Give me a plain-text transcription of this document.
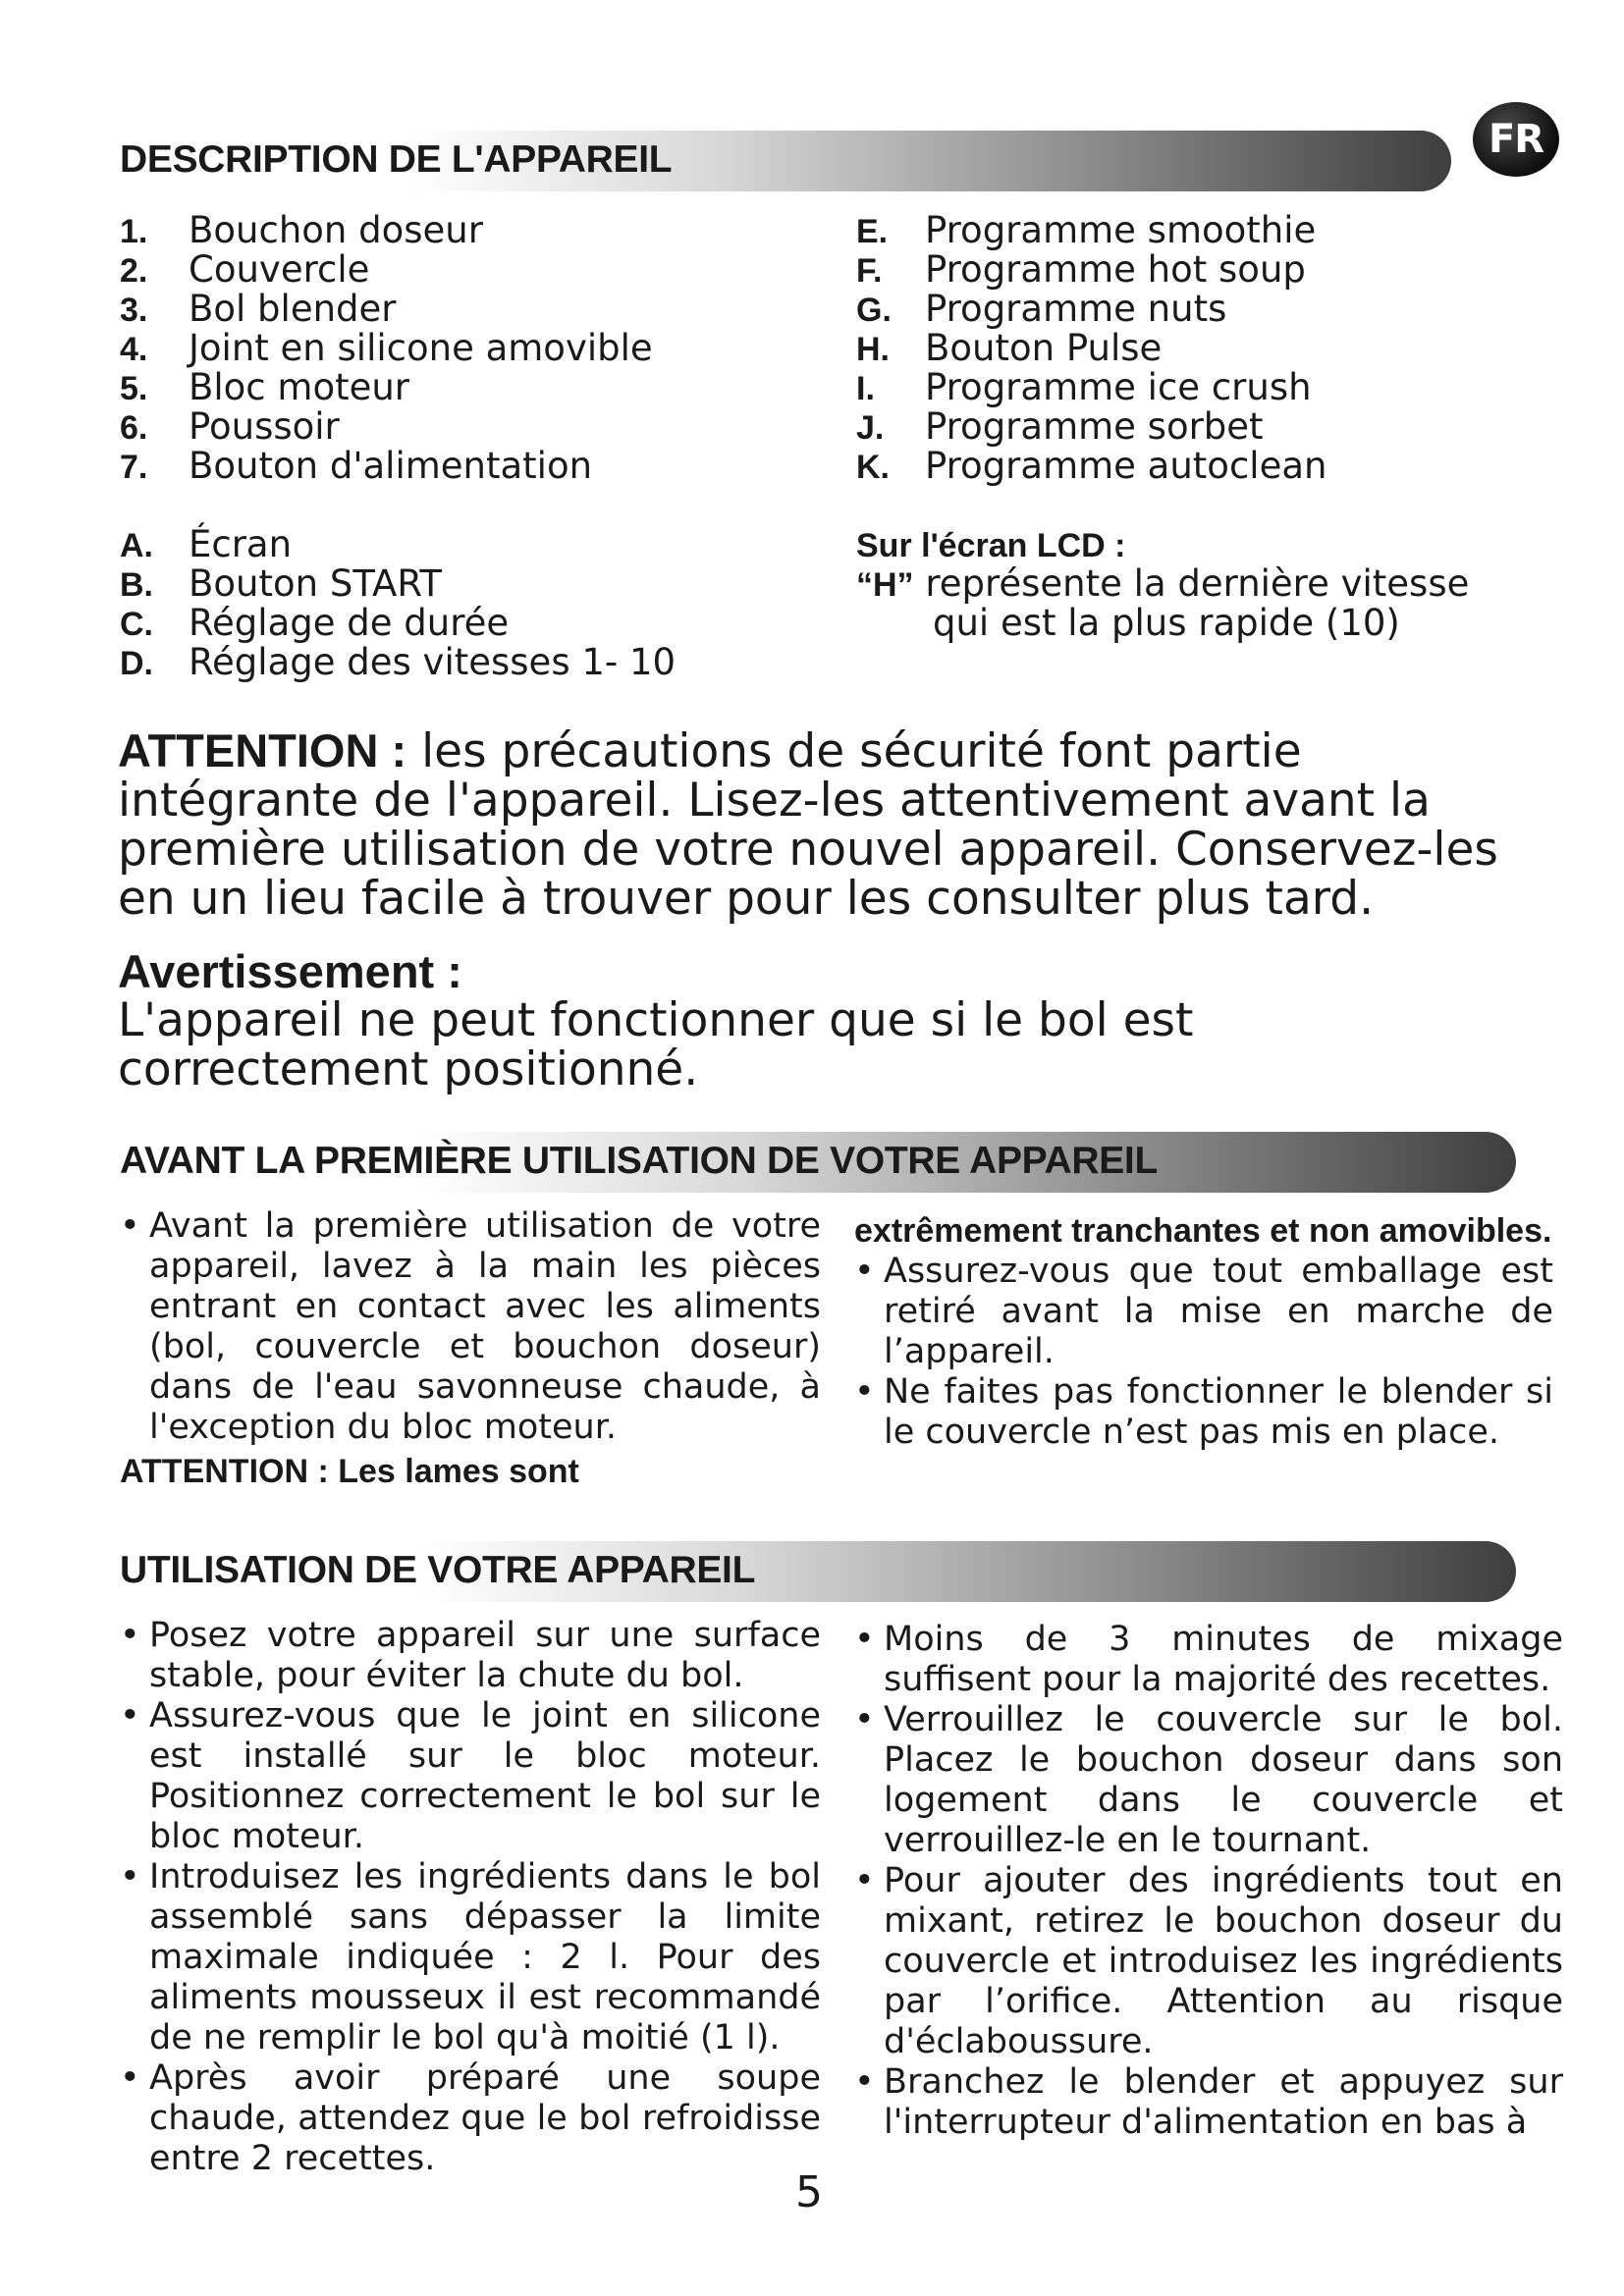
FR
DESCRIPTION DE L'APPAREIL
1. Bouchon doseur
2. Couvercle
3. Bol blender
4. Joint en silicone amovible
5. Bloc moteur
6. Poussoir
7. Bouton d'alimentation
A. Écran
B. Bouton START
C. Réglage de durée
D. Réglage des vitesses 1- 10
E. Programme smoothie
F. Programme hot soup
G. Programme nuts
H. Bouton Pulse
I. Programme ice crush
J. Programme sorbet
K. Programme autoclean
Sur l'écran LCD :
“H” représente la dernière vitesse
qui est la plus rapide (10)
ATTENTION : les précautions de sécurité font partie intégrante de l'appareil. Lisez-les attentivement avant la première utilisation de votre nouvel appareil. Conservez-les en un lieu facile à trouver pour les consulter plus tard.
Avertissement :
L'appareil ne peut fonctionner que si le bol est correctement positionné.
AVANT LA PREMIÈRE UTILISATION DE VOTRE APPAREIL

• Avant la première utilisation de votre appareil, lavez à la main les pièces entrant en contact avec les aliments (bol, couvercle et bouchon doseur) dans de l'eau savonneuse chaude, à l'exception du bloc moteur.

ATTENTION : Les lames sont

extrêmement tranchantes et non amovibles.

• Assurez-vous que tout emballage est retiré avant la mise en marche de l’appareil.

• Ne faites pas fonctionner le blender si le couvercle n’est pas mis en place.

UTILISATION DE VOTRE APPAREIL

• Posez votre appareil sur une surface stable, pour éviter la chute du bol.

• Assurez-vous que le joint en silicone est installé sur le bloc moteur. Positionnez correctement le bol sur le bloc moteur.

• Introduisez les ingrédients dans le bol assemblé sans dépasser la limite maximale indiquée : 2 l. Pour des aliments mousseux il est recommandé de ne remplir le bol qu'à moitié (1 l).

• Après avoir préparé une soupe chaude, attendez que le bol refroidisse entre 2 recettes.

• Moins de 3 minutes de mixage suffisent pour la majorité des recettes.

• Verrouillez le couvercle sur le bol. Placez le bouchon doseur dans son logement dans le couvercle et verrouillez-le en le tournant.

• Pour ajouter des ingrédients tout en mixant, retirez le bouchon doseur du couvercle et introduisez les ingrédients par l’orifice. Attention au risque d'éclaboussure.

• Branchez le blender et appuyez sur l'interrupteur d'alimentation en bas à

5
